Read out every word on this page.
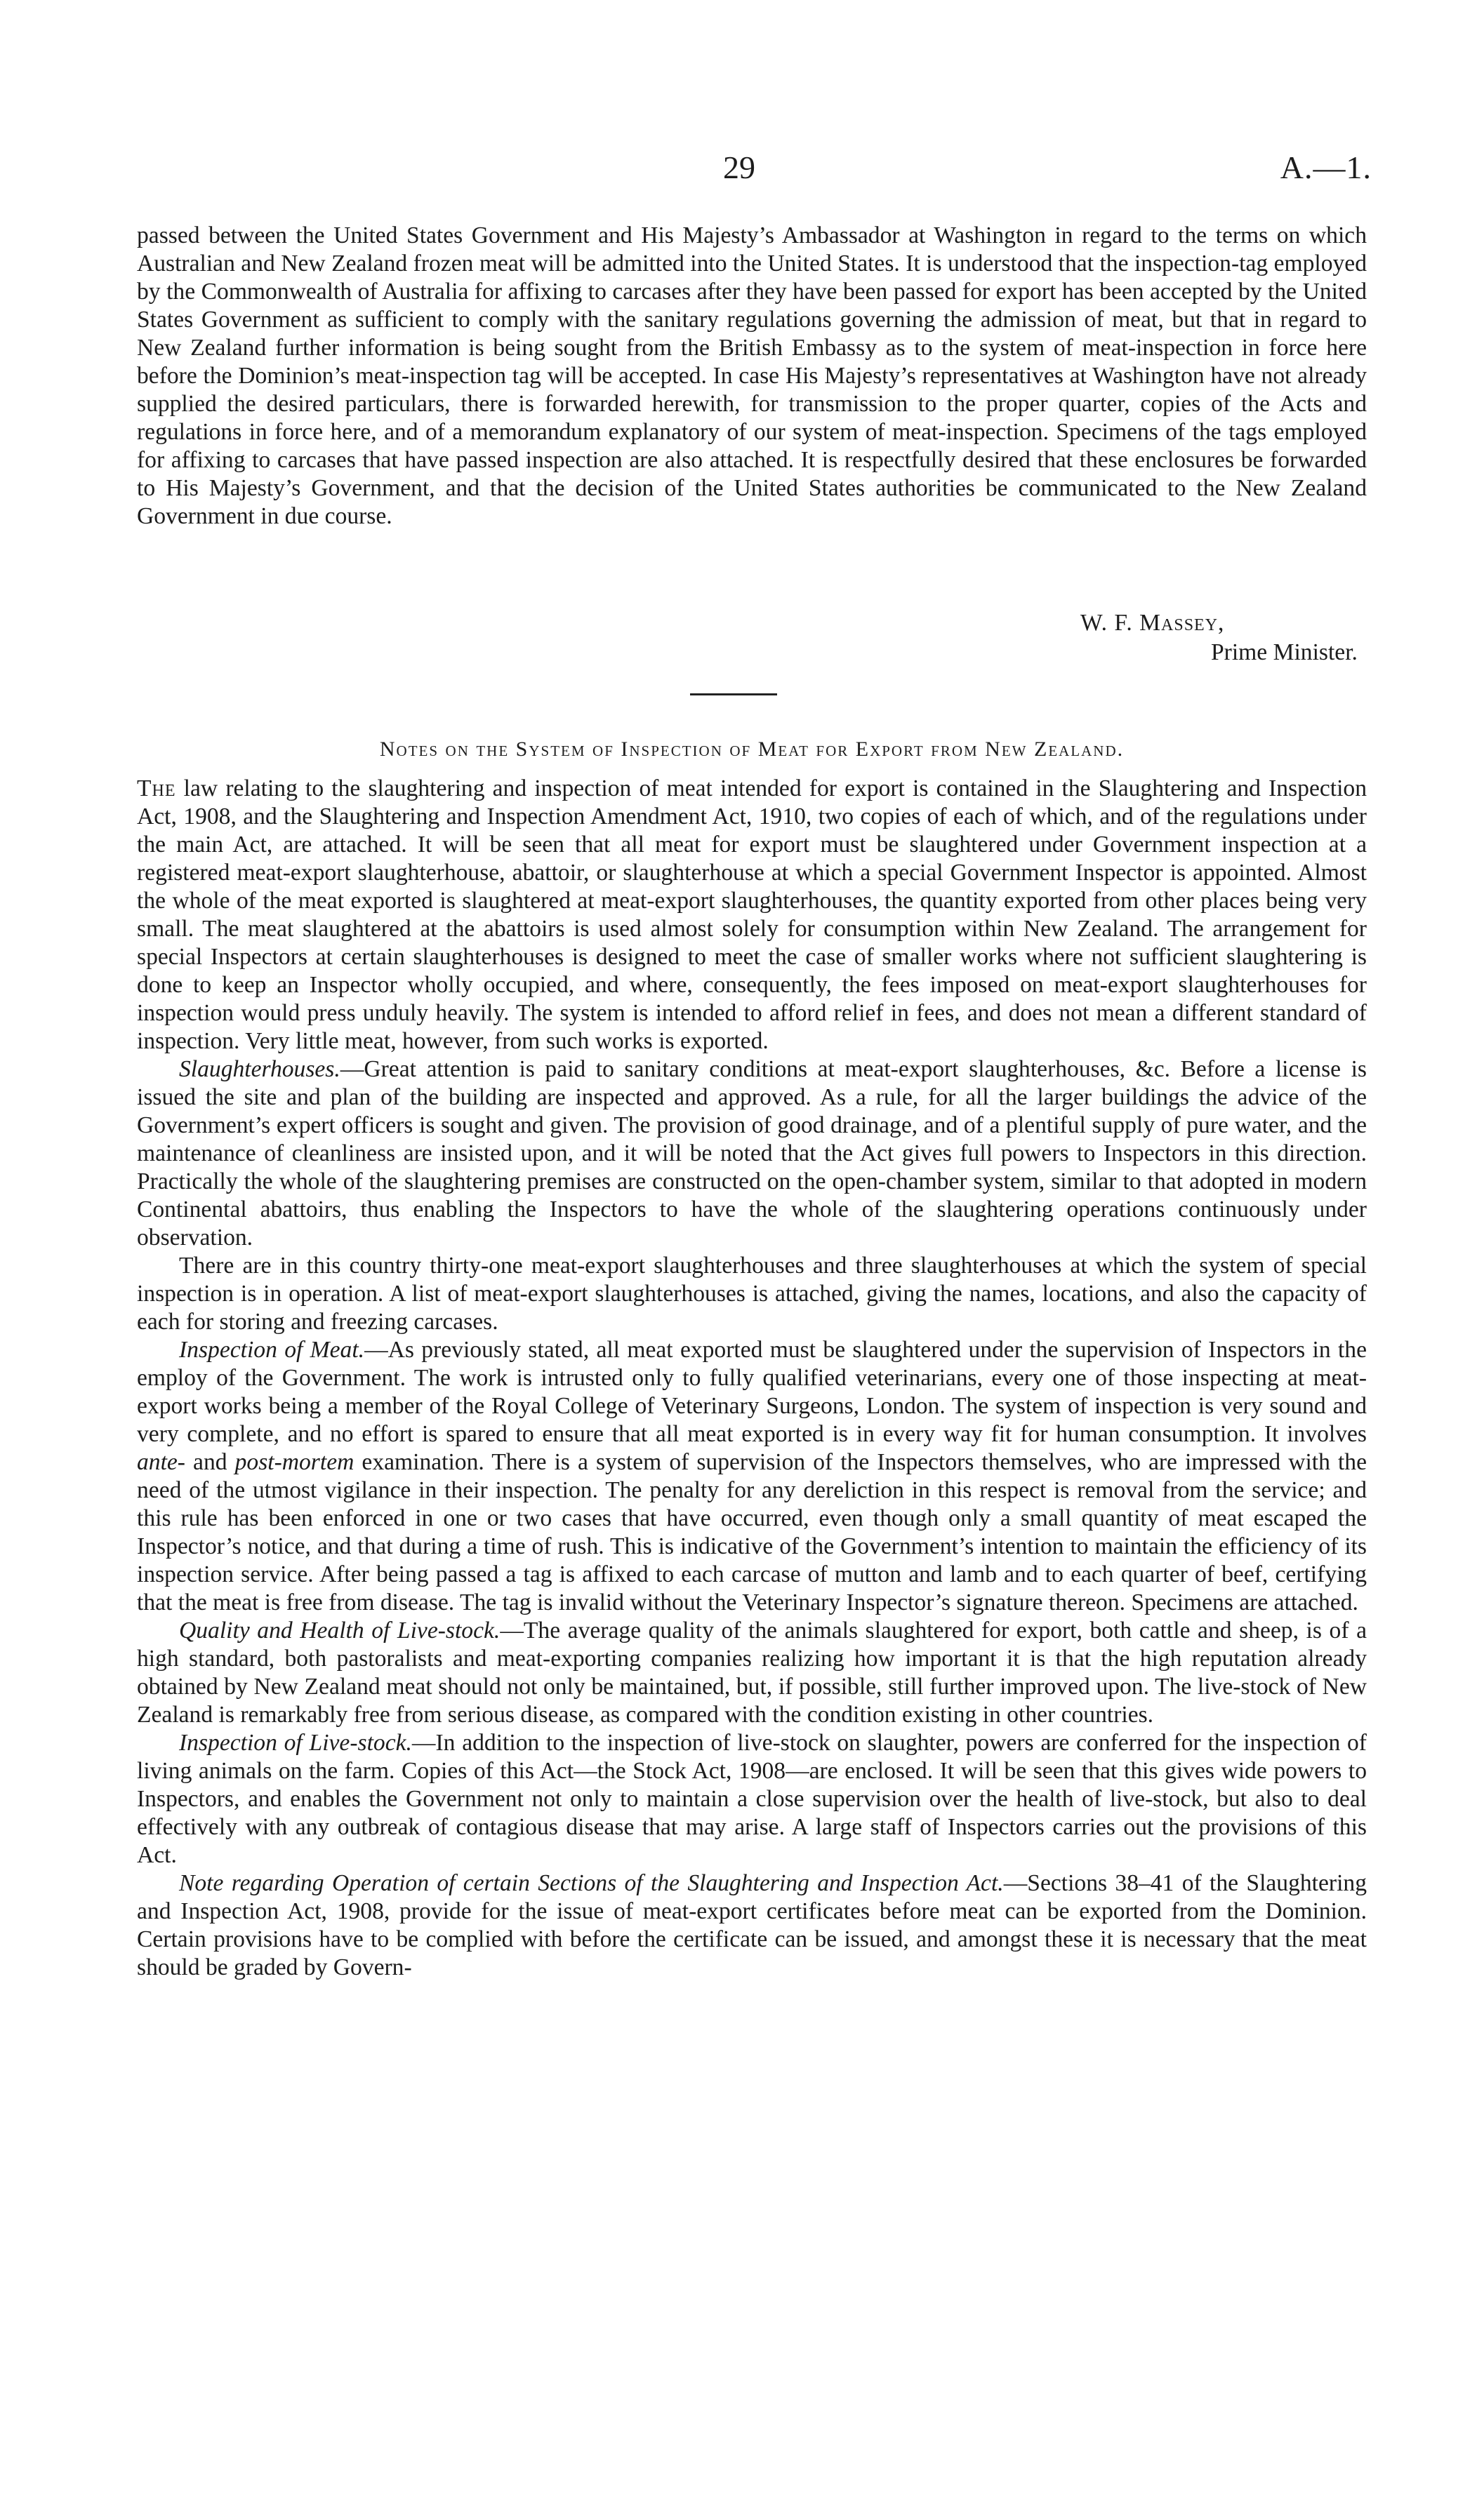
29	A.—1.

passed between the United States Government and His Majesty’s Ambassador at Washington in regard to the terms on which Australian and New Zealand frozen meat will be admitted into the United States. It is understood that the inspection-tag employed by the Commonwealth of Australia for affixing to carcases after they have been passed for export has been accepted by the United States Government as sufficient to comply with the sanitary regulations governing the admission of meat, but that in regard to New Zealand further information is being sought from the British Embassy as to the system of meat-inspection in force here before the Dominion’s meat-inspection tag will be accepted. In case His Majesty’s representatives at Washington have not already supplied the desired particulars, there is forwarded herewith, for transmission to the proper quarter, copies of the Acts and regulations in force here, and of a memorandum explanatory of our system of meat-inspection. Specimens of the tags employed for affixing to carcases that have passed inspection are also attached. It is respectfully desired that these enclosures be forwarded to His Majesty’s Government, and that the decision of the United States authorities be communicated to the New Zealand Government in due course.

W. F. Massey,
Prime Minister.
Notes on the System of Inspection of Meat for Export from New Zealand.

The law relating to the slaughtering and inspection of meat intended for export is contained in the Slaughtering and Inspection Act, 1908, and the Slaughtering and Inspection Amendment Act, 1910, two copies of each of which, and of the regulations under the main Act, are attached. It will be seen that all meat for export must be slaughtered under Government inspection at a registered meat-export slaughterhouse, abattoir, or slaughterhouse at which a special Government Inspector is appointed. Almost the whole of the meat exported is slaughtered at meat-export slaughterhouses, the quantity exported from other places being very small. The meat slaughtered at the abattoirs is used almost solely for consumption within New Zealand. The arrangement for special Inspectors at certain slaughterhouses is designed to meet the case of smaller works where not sufficient slaughtering is done to keep an Inspector wholly occupied, and where, consequently, the fees imposed on meat-export slaughterhouses for inspection would press unduly heavily. The system is intended to afford relief in fees, and does not mean a different standard of inspection. Very little meat, however, from such works is exported.

Slaughterhouses.—Great attention is paid to sanitary conditions at meat-export slaughterhouses, &c. Before a license is issued the site and plan of the building are inspected and approved. As a rule, for all the larger buildings the advice of the Government’s expert officers is sought and given. The provision of good drainage, and of a plentiful supply of pure water, and the maintenance of cleanliness are insisted upon, and it will be noted that the Act gives full powers to Inspectors in this direction. Practically the whole of the slaughtering premises are constructed on the open-chamber system, similar to that adopted in modern Continental abattoirs, thus enabling the Inspectors to have the whole of the slaughtering operations continuously under observation.

There are in this country thirty-one meat-export slaughterhouses and three slaughterhouses at which the system of special inspection is in operation. A list of meat-export slaughterhouses is attached, giving the names, locations, and also the capacity of each for storing and freezing carcases.

Inspection of Meat.—As previously stated, all meat exported must be slaughtered under the supervision of Inspectors in the employ of the Government. The work is intrusted only to fully qualified veterinarians, every one of those inspecting at meat-export works being a member of the Royal College of Veterinary Surgeons, London. The system of inspection is very sound and very complete, and no effort is spared to ensure that all meat exported is in every way fit for human consumption. It involves ante- and post-mortem examination. There is a system of supervision of the Inspectors themselves, who are impressed with the need of the utmost vigilance in their inspection. The penalty for any dereliction in this respect is removal from the service; and this rule has been enforced in one or two cases that have occurred, even though only a small quantity of meat escaped the Inspector’s notice, and that during a time of rush. This is indicative of the Government’s intention to maintain the efficiency of its inspection service. After being passed a tag is affixed to each carcase of mutton and lamb and to each quarter of beef, certifying that the meat is free from disease. The tag is invalid without the Veterinary Inspector’s signature thereon. Specimens are attached.

Quality and Health of Live-stock.—The average quality of the animals slaughtered for export, both cattle and sheep, is of a high standard, both pastoralists and meat-exporting companies realizing how important it is that the high reputation already obtained by New Zealand meat should not only be maintained, but, if possible, still further improved upon. The live-stock of New Zealand is remarkably free from serious disease, as compared with the condition existing in other countries.

Inspection of Live-stock.—In addition to the inspection of live-stock on slaughter, powers are conferred for the inspection of living animals on the farm. Copies of this Act—the Stock Act, 1908—are enclosed. It will be seen that this gives wide powers to Inspectors, and enables the Government not only to maintain a close supervision over the health of live-stock, but also to deal effectively with any outbreak of contagious disease that may arise. A large staff of Inspectors carries out the provisions of this Act.

Note regarding Operation of certain Sections of the Slaughtering and Inspection Act.—Sections 38–41 of the Slaughtering and Inspection Act, 1908, provide for the issue of meat-export certificates before meat can be exported from the Dominion. Certain provisions have to be complied with before the certificate can be issued, and amongst these it is necessary that the meat should be graded by Govern-
